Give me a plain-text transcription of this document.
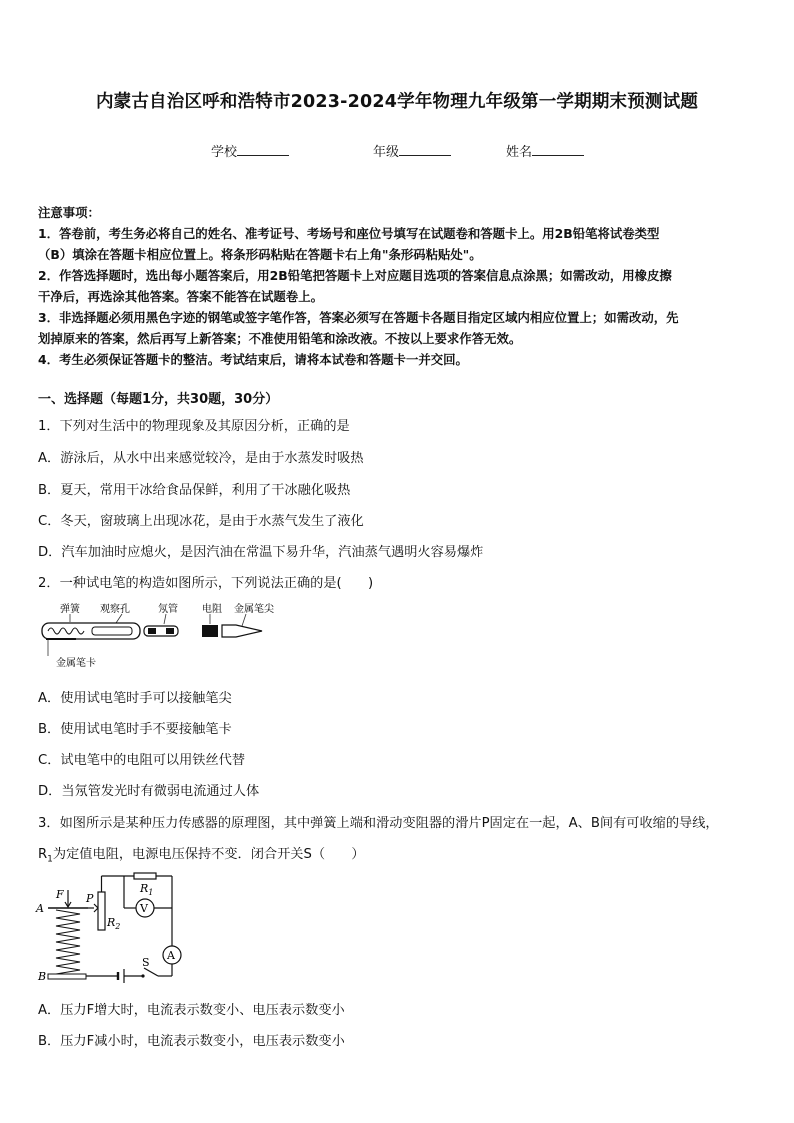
内蒙古自治区呼和浩特市2023-2024学年物理九年级第一学期期末预测试题
学校	年级	姓名
注意事项：
1．答卷前，考生务必将自己的姓名、准考证号、考场号和座位号填写在试题卷和答题卡上。用2B铅笔将试卷类型
（B）填涂在答题卡相应位置上。将条形码粘贴在答题卡右上角"条形码粘贴处"。
2．作答选择题时，选出每小题答案后，用2B铅笔把答题卡上对应题目选项的答案信息点涂黑；如需改动，用橡皮擦
干净后，再选涂其他答案。答案不能答在试题卷上。
3．非选择题必须用黑色字迹的钢笔或签字笔作答，答案必须写在答题卡各题目指定区域内相应位置上；如需改动，先
划掉原来的答案，然后再写上新答案；不准使用铅笔和涂改液。不按以上要求作答无效。
4．考生必须保证答题卡的整洁。考试结束后，请将本试卷和答题卡一并交回。
一、选择题（每题1分，共30题，30分）
1．下列对生活中的物理现象及其原因分析，正确的是
A．游泳后，从水中出来感觉较冷，是由于水蒸发时吸热
B．夏天，常用干冰给食品保鲜，利用了干冰融化吸热
C．冬天，窗玻璃上出现冰花，是由于水蒸气发生了液化
D．汽车加油时应熄火，是因汽油在常温下易升华，汽油蒸气遇明火容易爆炸
2．一种试电笔的构造如图所示，下列说法正确的是(　　)
弹簧 观察孔	氖管 电阻 金属笔尖
金属笔卡
A．使用试电笔时手可以接触笔尖
B．使用试电笔时手不要接触笔卡
C．试电笔中的电阻可以用铁丝代替
D．当氖管发光时有微弱电流通过人体
3．如图所示是某种压力传感器的原理图，其中弹簧上端和滑动变阻器的滑片P固定在一起，A、B间有可收缩的导线，
$R_1$为定值电阻，电源电压保持不变．闭合开关S（　　）
F
A
B
P
$R_2$
$R_1$
V
A
S
A．压力F增大时，电流表示数变小、电压表示数变小
B．压力F减小时，电流表示数变小，电压表示数变小
